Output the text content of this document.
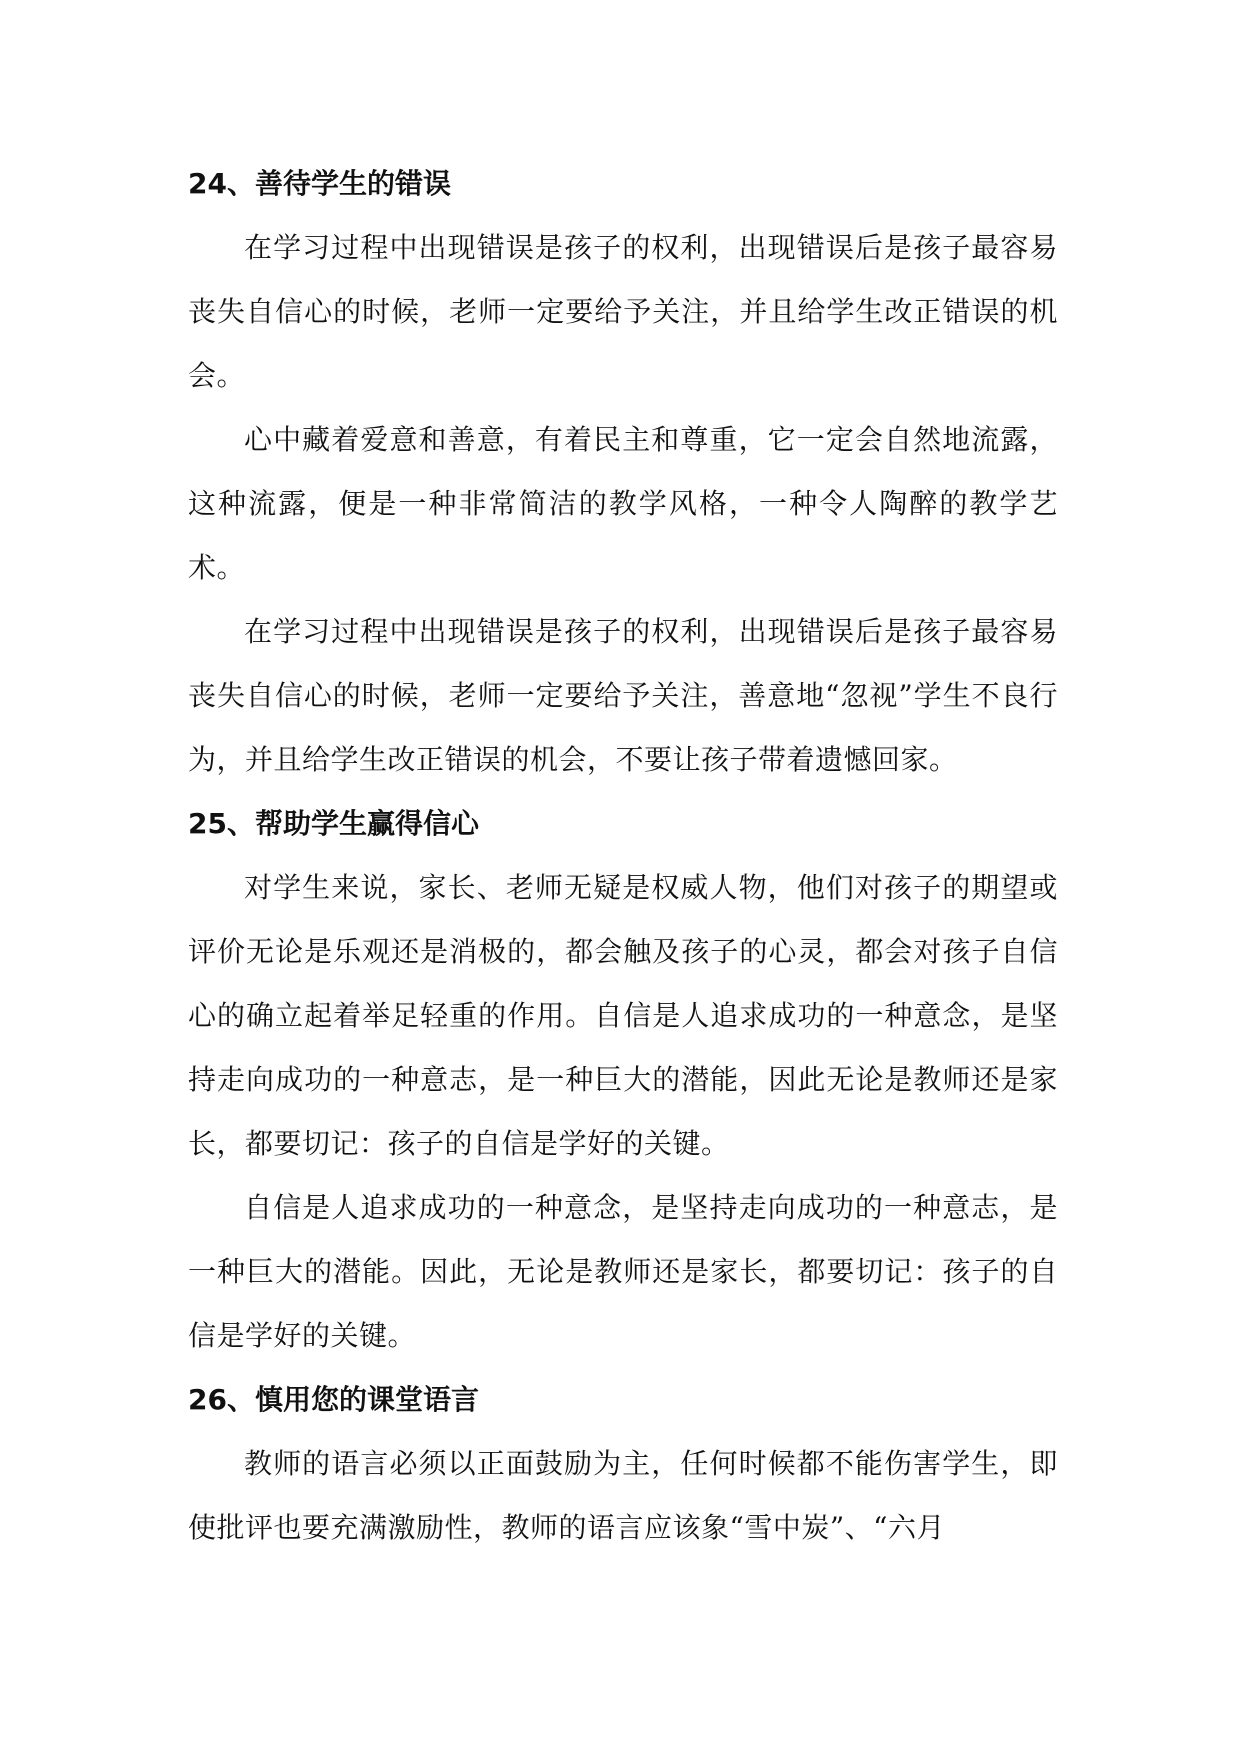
24、善待学生的错误

在学习过程中出现错误是孩子的权利，出现错误后是孩子最容易丧失自信心的时候，老师一定要给予关注，并且给学生改正错误的机会。

心中藏着爱意和善意，有着民主和尊重，它一定会自然地流露，这种流露，便是一种非常简洁的教学风格，一种令人陶醉的教学艺术。

在学习过程中出现错误是孩子的权利，出现错误后是孩子最容易丧失自信心的时候，老师一定要给予关注，善意地“忽视”学生不良行为，并且给学生改正错误的机会，不要让孩子带着遗憾回家。

25、帮助学生赢得信心

对学生来说，家长、老师无疑是权威人物，他们对孩子的期望或评价无论是乐观还是消极的，都会触及孩子的心灵，都会对孩子自信心的确立起着举足轻重的作用。自信是人追求成功的一种意念，是坚持走向成功的一种意志，是一种巨大的潜能，因此无论是教师还是家长，都要切记：孩子的自信是学好的关键。

自信是人追求成功的一种意念，是坚持走向成功的一种意志，是一种巨大的潜能。因此，无论是教师还是家长，都要切记：孩子的自信是学好的关键。

26、慎用您的课堂语言

教师的语言必须以正面鼓励为主，任何时候都不能伤害学生，即使批评也要充满激励性，教师的语言应该象“雪中炭”、“六月
